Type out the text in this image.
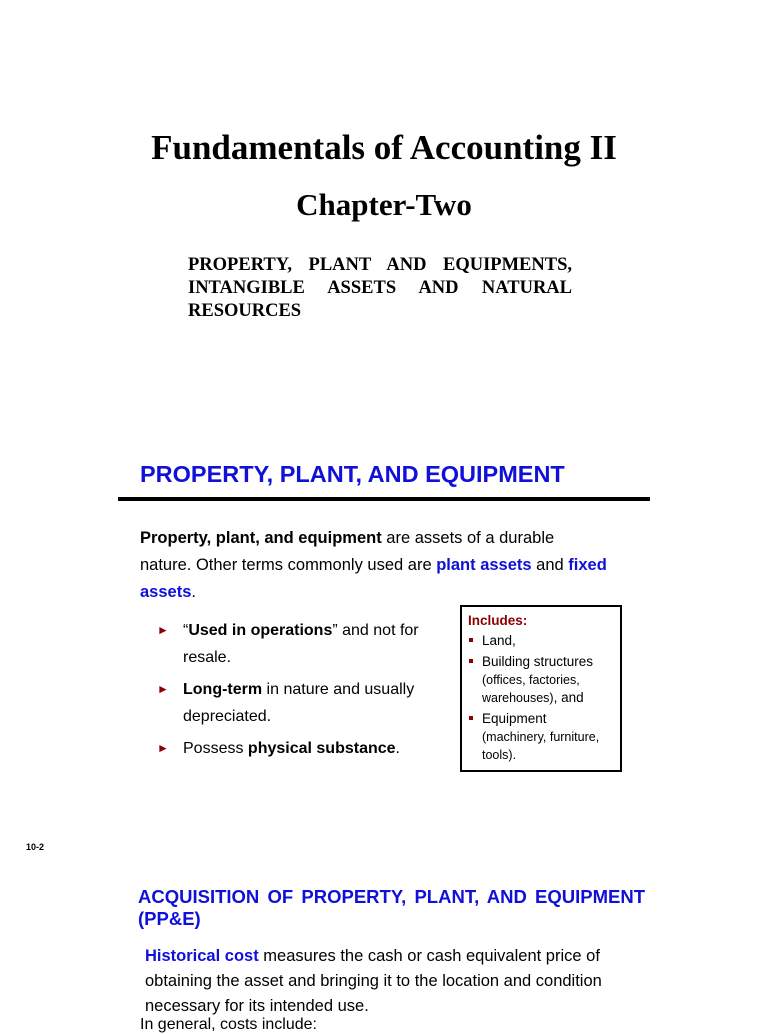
Fundamentals of Accounting II
Chapter-Two
PROPERTY, PLANT AND EQUIPMENTS, INTANGIBLE ASSETS AND NATURAL RESOURCES
PROPERTY, PLANT, AND EQUIPMENT
Property, plant, and equipment are assets of a durable nature. Other terms commonly used are plant assets and fixed assets.
► “Used in operations” and not for resale.
► Long-term in nature and usually depreciated.
► Possess physical substance.
Includes:
Land,
Building structures
(offices, factories, warehouses), and
Equipment
(machinery, furniture, tools).
10-2
ACQUISITION OF PROPERTY, PLANT, AND EQUIPMENT (PP&E)
Historical cost measures the cash or cash equivalent price of obtaining the asset and bringing it to the location and condition necessary for its intended use.
In general, costs include:
